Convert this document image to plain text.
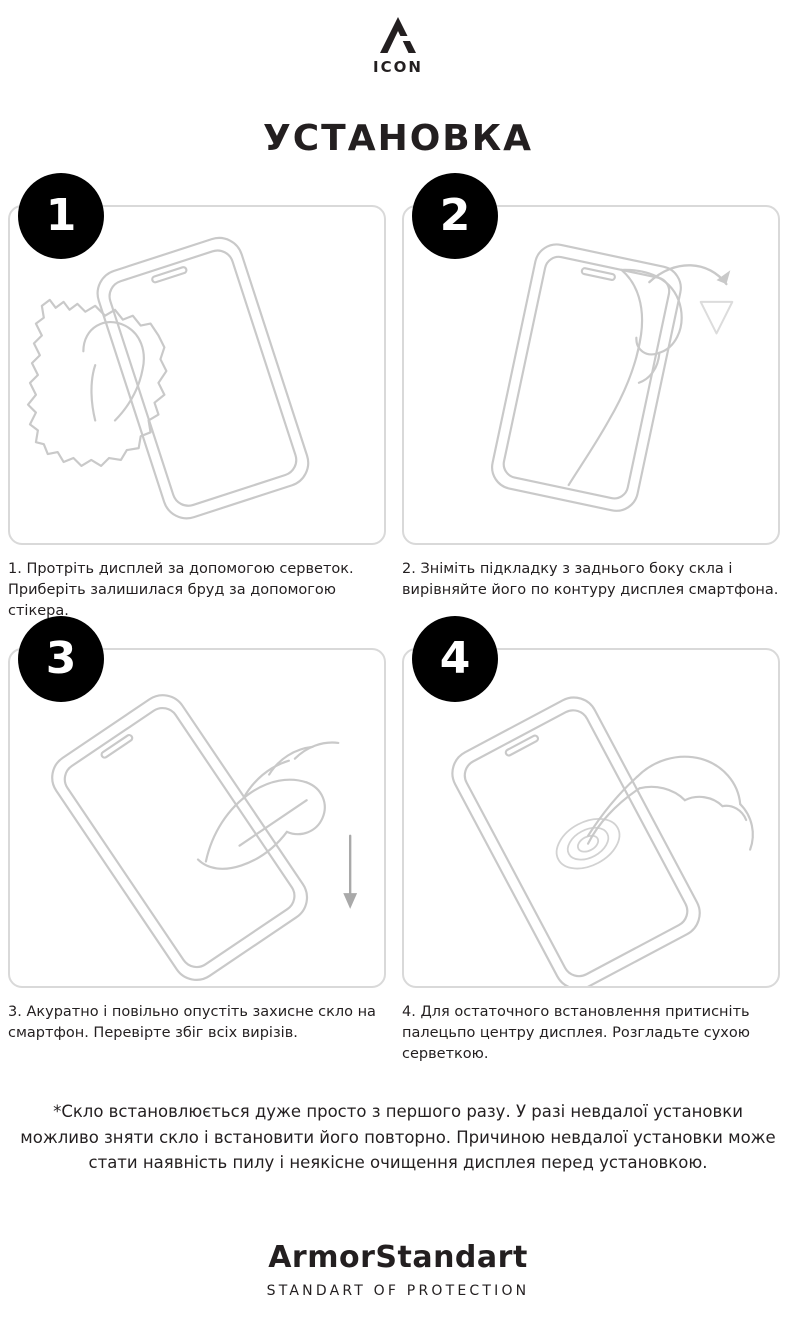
ICON
УСТАНОВКА
1
1. Протріть дисплей за допомогою серветок. Приберіть залишилася бруд за допомогою стікера.
2
2. Зніміть підкладку з заднього боку скла і вирівняйте його по контуру дисплея смартфона.
3
3. Акуратно і повільно опустіть захисне скло на смартфон. Перевірте збіг всіх вирізів.
4
4. Для остаточного встановлення притисніть палецьпо центру дисплея. Розгладьте сухою серветкою.
*Скло встановлюється дуже просто з першого разу. У разі невдалої установки можливо зняти скло і встановити його повторно. Причиною невдалої установки може стати наявність пилу і неякісне очищення дисплея перед установкою.
ArmorStandart
STANDART OF PROTECTION
